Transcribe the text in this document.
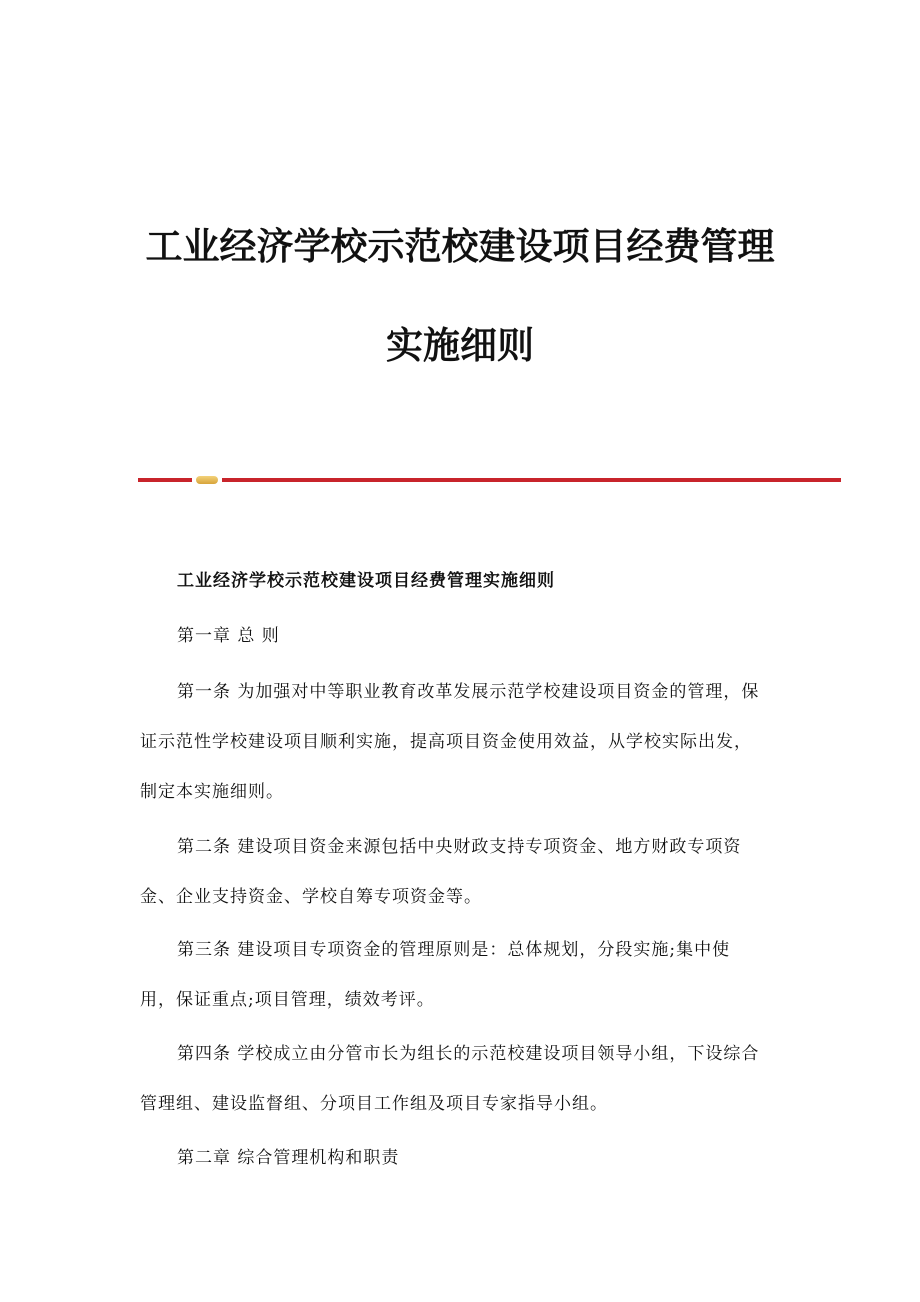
工业经济学校示范校建设项目经费管理
实施细则

工业经济学校示范校建设项目经费管理实施细则

第一章 总 则

第一条 为加强对中等职业教育改革发展示范学校建设项目资金的管理，保
证示范性学校建设项目顺利实施，提高项目资金使用效益，从学校实际出发，
制定本实施细则。

第二条 建设项目资金来源包括中央财政支持专项资金、地方财政专项资
金、企业支持资金、学校自筹专项资金等。

第三条 建设项目专项资金的管理原则是：总体规划，分段实施;集中使
用，保证重点;项目管理，绩效考评。

第四条 学校成立由分管市长为组长的示范校建设项目领导小组，下设综合
管理组、建设监督组、分项目工作组及项目专家指导小组。

第二章 综合管理机构和职责
